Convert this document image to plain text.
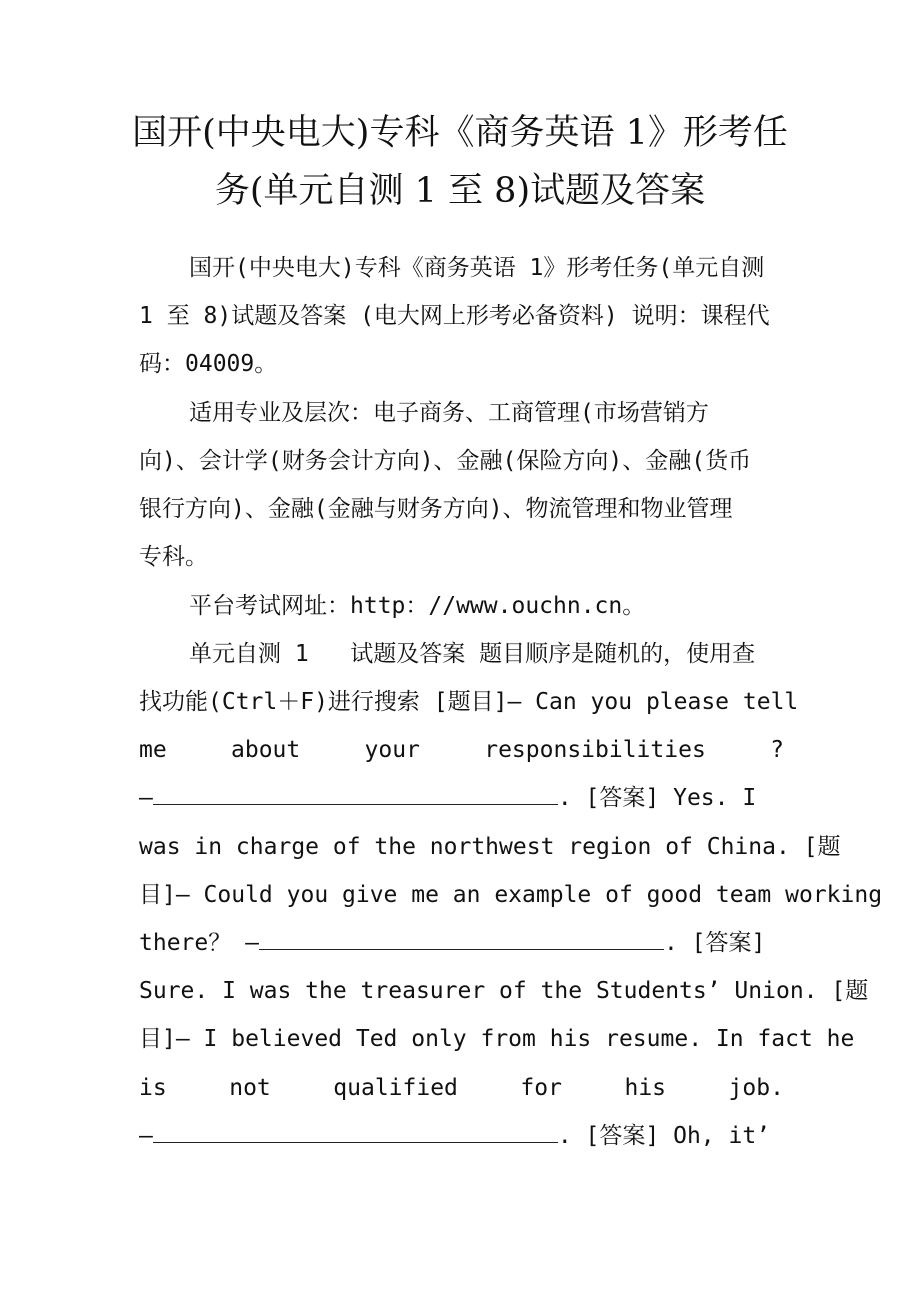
国开(中央电大)专科《商务英语 1》形考任
务(单元自测 1 至 8)试题及答案
国开(中央电大)专科《商务英语 1》形考任务(单元自测
1 至 8)试题及答案 (电大网上形考必备资料) 说明：课程代
码：04009。
适用专业及层次：电子商务、工商管理(市场营销方
向)、会计学(财务会计方向)、金融(保险方向)、金融(货币
银行方向)、金融(金融与财务方向)、物流管理和物业管理
专科。
平台考试网址：http：//www.ouchn.cn。
单元自测 1   试题及答案 题目顺序是随机的，使用查
找功能(Ctrl＋F)进行搜索 [题目]— Can you please tell
me	about	your	responsibilities	?
—	. [答案] Yes. I
was in charge of the northwest region of China. [题
目]— Could you give me an example of good team working
there？ —	. [答案]
Sure. I was the treasurer of the Students’ Union. [题
目]— I believed Ted only from his resume. In fact he
is	not	qualified	for	his	job.
—	. [答案] Oh, it’
